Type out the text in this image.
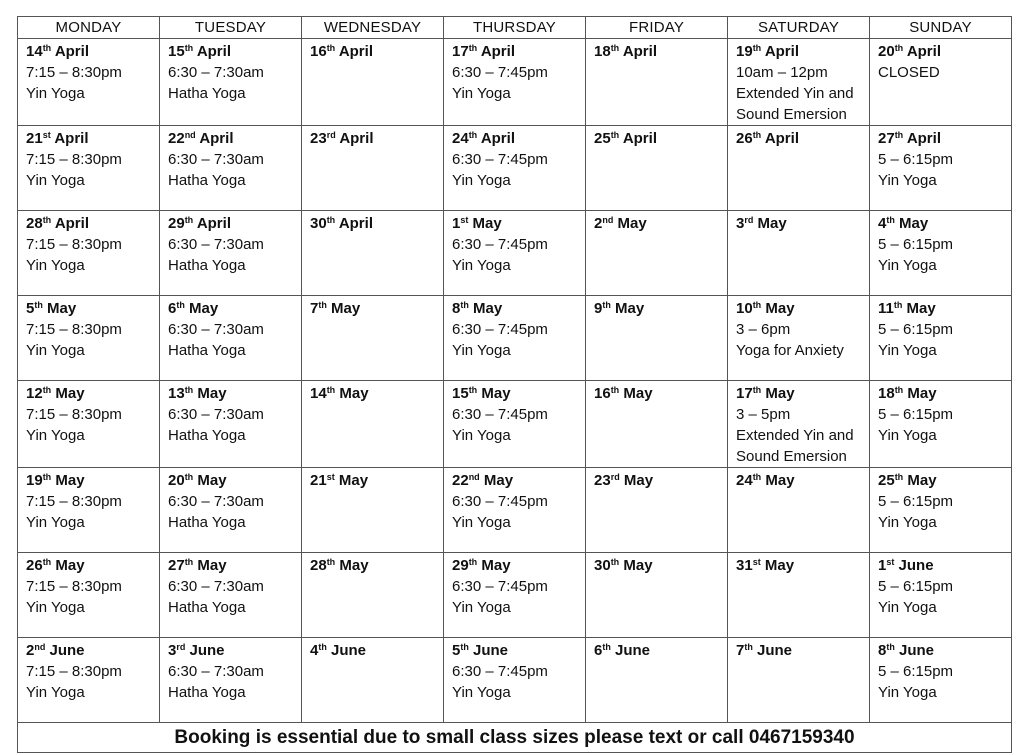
MONDAY	TUESDAY	WEDNESDAY	THURSDAY	FRIDAY	SATURDAY	SUNDAY

14th April
7:15 – 8:30pm
Yin Yoga	15th April
6:30 – 7:30am
Hatha Yoga	16th April	17th April
6:30 – 7:45pm
Yin Yoga	18th April	19th April
10am – 12pm
Extended Yin and
Sound Emersion	20th April
CLOSED

21st April
7:15 – 8:30pm
Yin Yoga	22nd April
6:30 – 7:30am
Hatha Yoga	23rd April	24th April
6:30 – 7:45pm
Yin Yoga	25th April	26th April	27th April
5 – 6:15pm
Yin Yoga

28th April
7:15 – 8:30pm
Yin Yoga	29th April
6:30 – 7:30am
Hatha Yoga	30th April	1st May
6:30 – 7:45pm
Yin Yoga	2nd May	3rd May	4th May
5 – 6:15pm
Yin Yoga

5th May
7:15 – 8:30pm
Yin Yoga	6th May
6:30 – 7:30am
Hatha Yoga	7th May	8th May
6:30 – 7:45pm
Yin Yoga	9th May	10th May
3 – 6pm
Yoga for Anxiety	11th May
5 – 6:15pm
Yin Yoga

12th May
7:15 – 8:30pm
Yin Yoga	13th May
6:30 – 7:30am
Hatha Yoga	14th May	15th May
6:30 – 7:45pm
Yin Yoga	16th May	17th May
3 – 5pm
Extended Yin and
Sound Emersion	18th May
5 – 6:15pm
Yin Yoga

19th May
7:15 – 8:30pm
Yin Yoga	20th May
6:30 – 7:30am
Hatha Yoga	21st May	22nd May
6:30 – 7:45pm
Yin Yoga	23rd May	24th May	25th May
5 – 6:15pm
Yin Yoga

26th May
7:15 – 8:30pm
Yin Yoga	27th May
6:30 – 7:30am
Hatha Yoga	28th May	29th May
6:30 – 7:45pm
Yin Yoga	30th May	31st May	1st June
5 – 6:15pm
Yin Yoga

2nd June
7:15 – 8:30pm
Yin Yoga	3rd June
6:30 – 7:30am
Hatha Yoga	4th June	5th June
6:30 – 7:45pm
Yin Yoga	6th June	7th June	8th June
5 – 6:15pm
Yin Yoga

Booking is essential due to small class sizes please text or call 0467159340						
